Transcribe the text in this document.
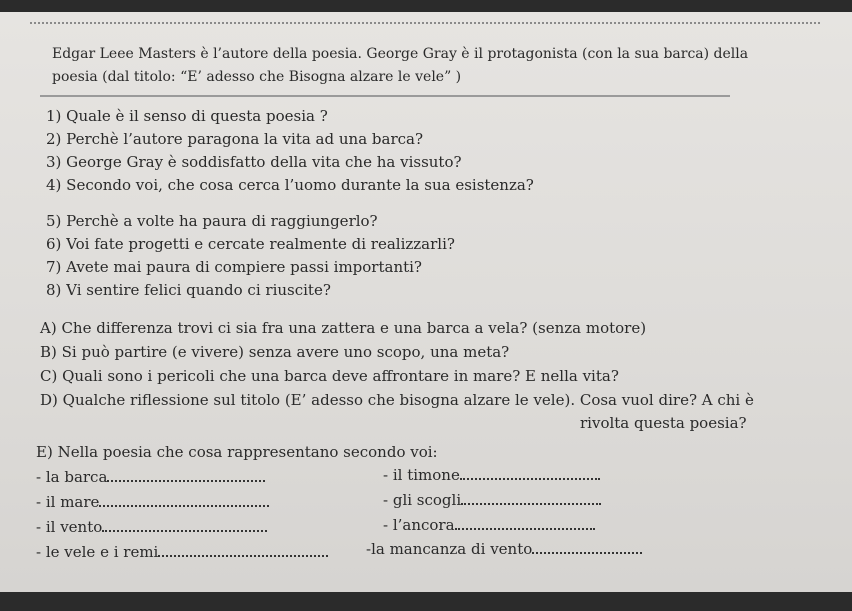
Edgar Leee Masters è l’autore della poesia. George Gray è il protagonista (con la sua barca) della
poesia (dal titolo: “E’ adesso che Bisogna alzare le vele” )
1) Quale è il senso di questa poesia ?
2) Perchè l’autore paragona la vita ad una barca?
3) George Gray è soddisfatto della vita che ha vissuto?
4) Secondo voi, che cosa cerca l’uomo durante la sua esistenza?
5) Perchè a volte ha paura di raggiungerlo?
6) Voi fate progetti e cercate realmente di realizzarli?
7) Avete mai paura di compiere passi importanti?
8) Vi sentire felici quando ci riuscite?
A) Che differenza trovi ci sia fra una zattera e una barca a vela? (senza motore)
B) Si può partire (e vivere) senza avere uno scopo, una meta?
C) Quali sono i pericoli che una barca deve affrontare in mare? E nella vita?
D) Qualche riflessione sul titolo (E’ adesso che bisogna alzare le vele). Cosa vuol dire? A chi è
rivolta questa poesia?
E) Nella poesia che cosa rappresentano secondo voi:
- la barca
- il mare
- il vento
- le vele e i remi
- il timone
- gli scogli
- l’ancora
-la mancanza di vento
